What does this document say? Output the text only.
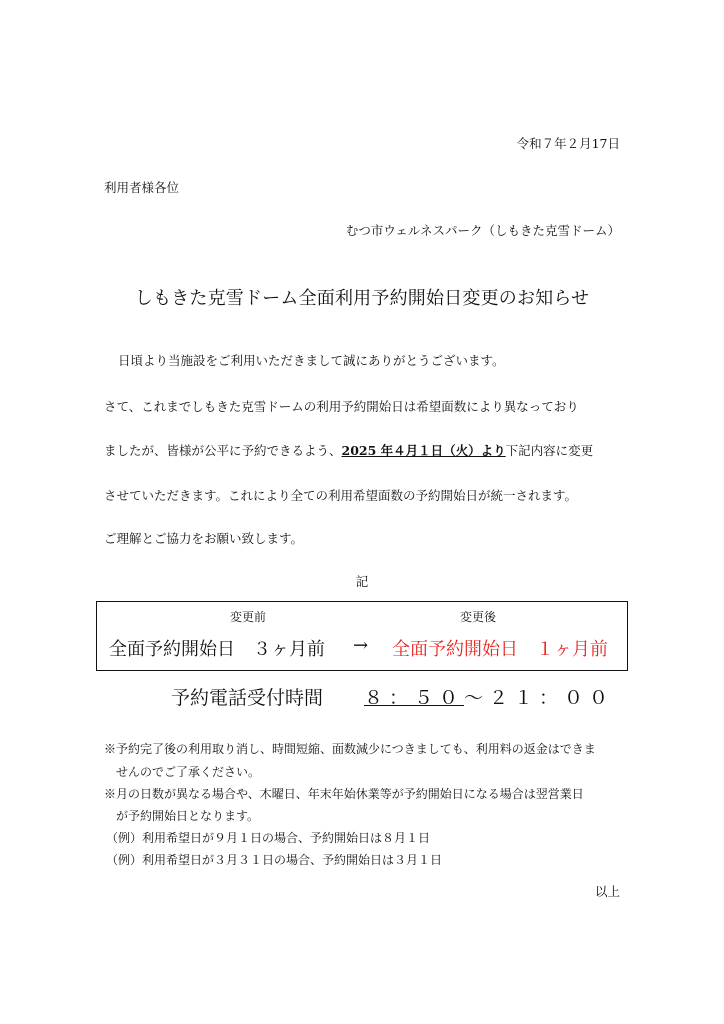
令和７年２月17日
利用者様各位
むつ市ウェルネスパーク（しもきた克雪ドーム）
しもきた克雪ドーム全面利用予約開始日変更のお知らせ
日頃より当施設をご利用いただきまして誠にありがとうございます。
さて、これまでしもきた克雪ドームの利用予約開始日は希望面数により異なっており
ましたが、皆様が公平に予約できるよう、2025 年４月１日（火）より下記内容に変更
させていただきます。これにより全ての利用希望面数の予約開始日が統一されます。
ご理解とご協力をお願い致します。
記
変更前	変更後
全面予約開始日　３ヶ月前 → 全面予約開始日　１ヶ月前
予約電話受付時間 ８：５０～２１：００
※予約完了後の利用取り消し、時間短縮、面数減少につきましても、利用料の返金はできま
せんのでご了承ください。
※月の日数が異なる場合や、木曜日、年末年始休業等が予約開始日になる場合は翌営業日
が予約開始日となります。
（例）利用希望日が９月１日の場合、予約開始日は８月１日
（例）利用希望日が３月３１日の場合、予約開始日は３月１日
以上
